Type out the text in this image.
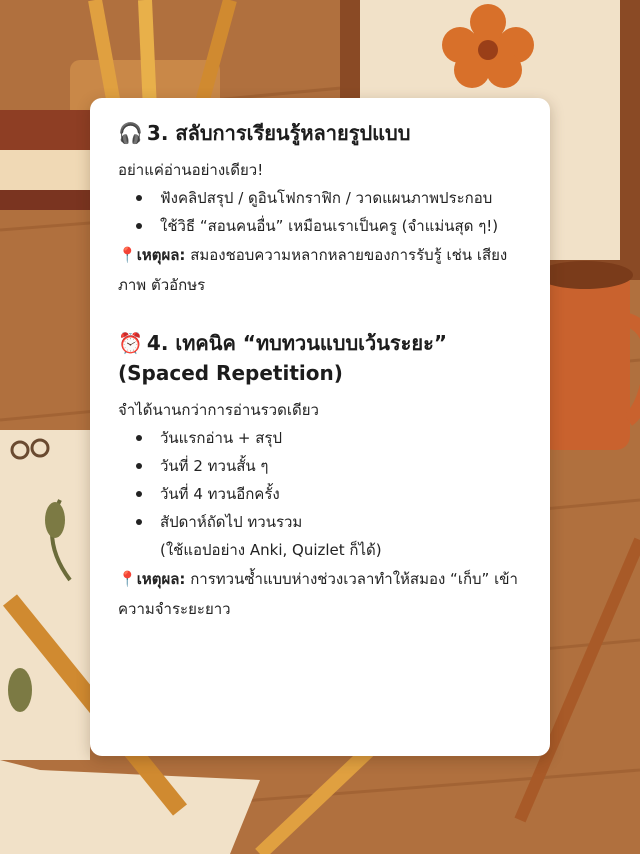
🎧 3. สลับการเรียนรู้หลายรูปแบบ

อย่าแค่อ่านอย่างเดียว!

ฟังคลิปสรุป / ดูอินโฟกราฟิก / วาดแผนภาพประกอบ
ใช้วิธี “สอนคนอื่น” เหมือนเราเป็นครู (จำแม่นสุด ๆ!)

📍เหตุผล: สมองชอบความหลากหลายของการรับรู้ เช่น เสียง ภาพ ตัวอักษร

⏰ 4. เทคนิค “ทบทวนแบบเว้นระยะ” (Spaced Repetition)

จำได้นานกว่าการอ่านรวดเดียว

วันแรกอ่าน + สรุป
วันที่ 2 ทวนสั้น ๆ
วันที่ 4 ทวนอีกครั้ง
สัปดาห์ถัดไป ทวนรวม

(ใช้แอปอย่าง Anki, Quizlet ก็ได้)

📍เหตุผล: การทวนซ้ำแบบห่างช่วงเวลาทำให้สมอง “เก็บ” เข้าความจำระยะยาว
